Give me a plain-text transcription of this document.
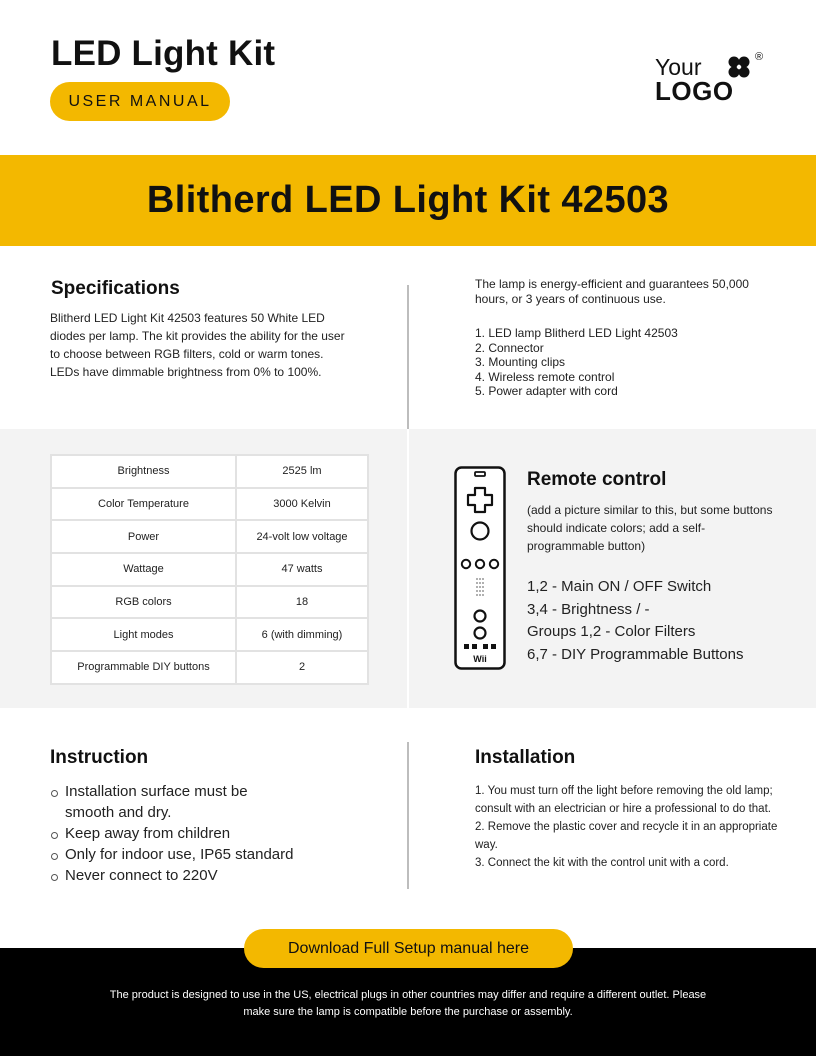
LED Light Kit
USER MANUAL
Your
LOGO
®
Blitherd LED Light Kit 42503
Specifications
Blitherd LED Light Kit 42503 features 50 White LED diodes per lamp. The kit provides the ability for the user to choose between RGB filters, cold or warm tones. LEDs have dimmable brightness from 0% to 100%.
The lamp is energy-efficient and guarantees 50,000 hours, or 3 years of continuous use.
1. LED lamp Blitherd LED Light 42503
2. Connector
3. Mounting clips
4. Wireless remote control
5. Power adapter with cord
Brightness	2525 lm
Color Temperature	3000 Kelvin
Power	24-volt low voltage
Wattage	47 watts
RGB colors	18
Light modes	6 (with dimming)
Programmable DIY buttons	2
Wii
Remote control
(add a picture similar to this, but some buttons should indicate colors; add a self-programmable button)
1,2 - Main ON / OFF Switch
3,4 - Brightness / -
Groups 1,2 - Color Filters
6,7 - DIY Programmable Buttons
Instruction
Installation surface must be smooth and dry.
Keep away from children
Only for indoor use, IP65 standard
Never connect to 220V
Installation
1. You must turn off the light before removing the old lamp; consult with an electrician or hire a professional to do that.
2. Remove the plastic cover and recycle it in an appropriate way.
3. Connect the kit with the control unit with a cord.
Download Full Setup manual here
The product is designed to use in the US, electrical plugs in other countries may differ and require a different outlet. Please make sure the lamp is compatible before the purchase or assembly.
